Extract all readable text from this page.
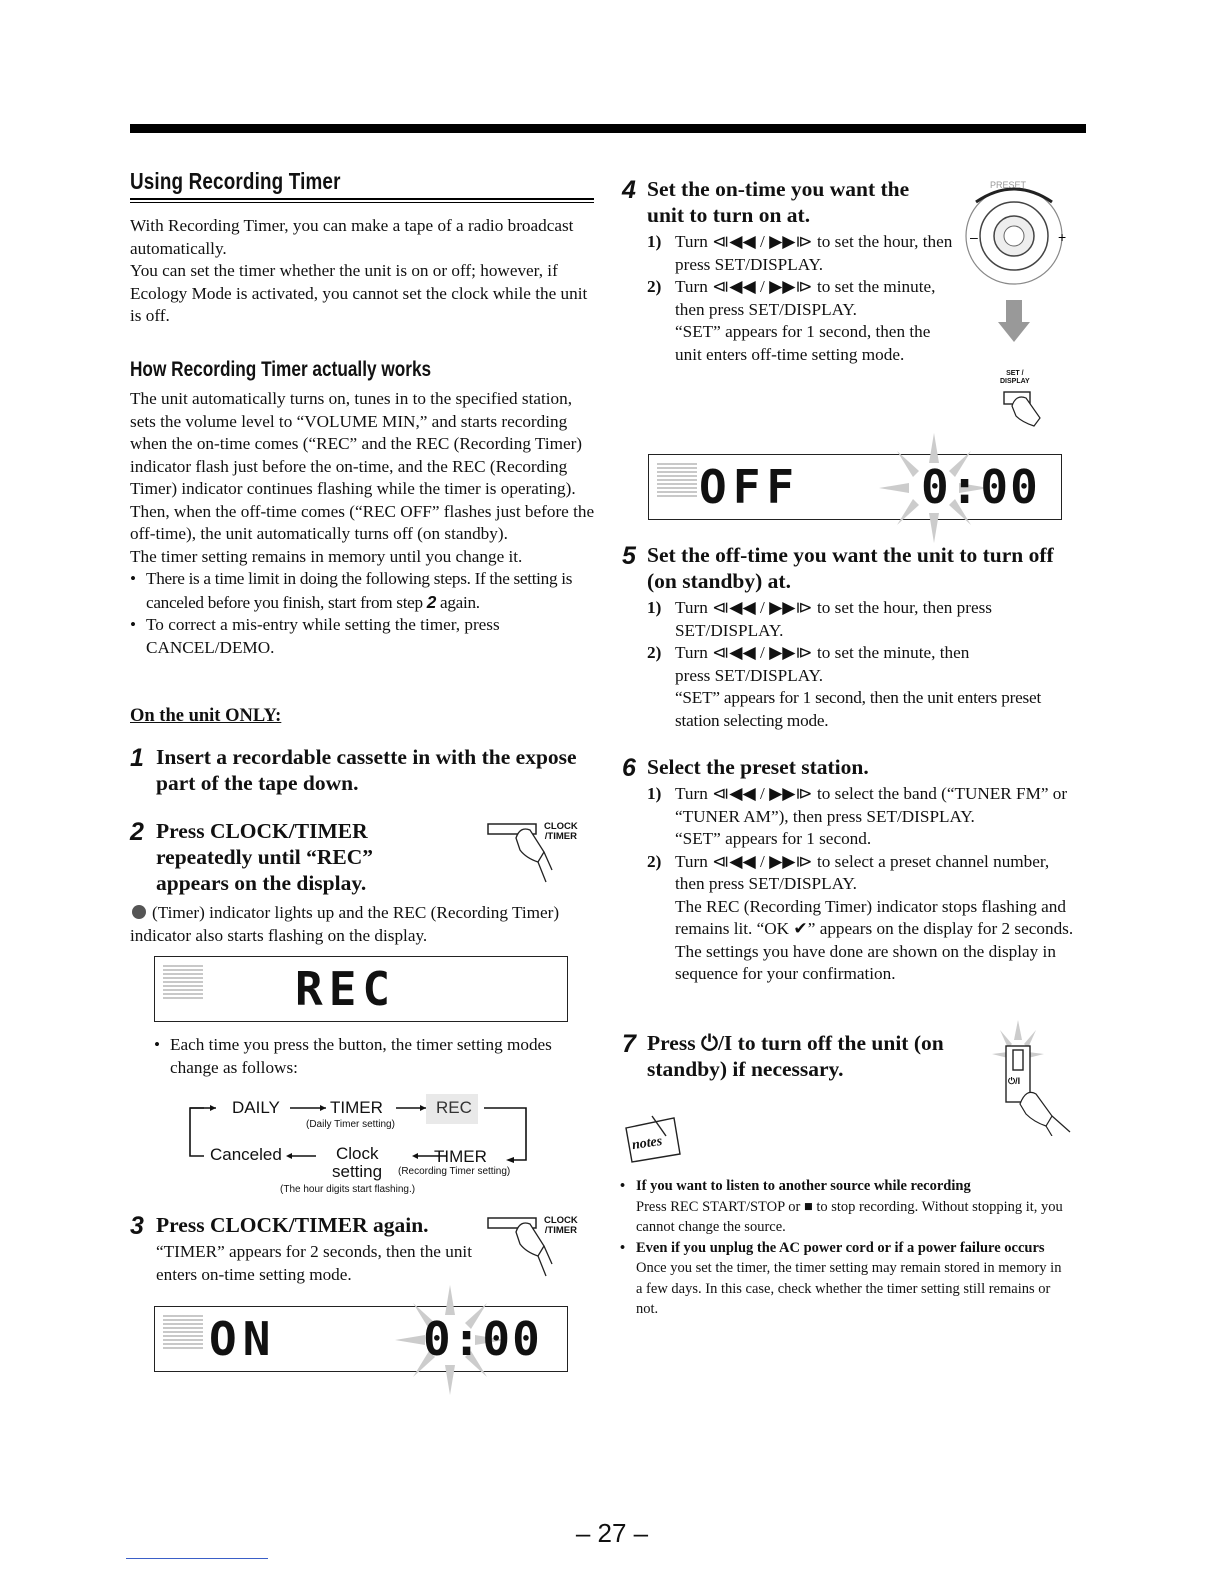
Using Recording Timer

With Recording Timer, you can make a tape of a radio broadcast automatically.

You can set the timer whether the unit is on or off; however, if Ecology Mode is activated, you cannot set the clock while the unit is off.

How Recording Timer actually works

The unit automatically turns on, tunes in to the specified station, sets the volume level to “VOLUME MIN,” and starts recording when the on-time comes (“REC” and the REC (Recording Timer) indicator flash just before the on-time, and the REC (Recording Timer) indicator continues flashing while the timer is operating). Then, when the off-time comes (“REC OFF” flashes just before the off-time), the unit automatically turns off (on standby).

The timer setting remains in memory until you change it.

• There is a time limit in doing the following steps. If the setting is canceled before you finish, start from step 2 again.
• To correct a mis-entry while setting the timer, press CANCEL/DEMO.
On the unit ONLY:
1 Insert a recordable cassette in with the expose part of the tape down.
2 Press CLOCK/TIMER repeatedly until “REC” appears on the display.
(Timer) indicator lights up and the REC (Recording Timer) indicator also starts flashing on the display.
CLOCK
/TIMER
REC
• Each time you press the button, the timer setting modes change as follows:
DAILY	TIMER
(Daily Timer setting)
REC
Canceled	Clock
setting
TIMER
(Recording Timer setting)
(The hour digits start flashing.)
3 Press CLOCK/TIMER again.
“TIMER” appears for 2 seconds, then the unit enters on-time setting mode.
CLOCK
/TIMER
ON	0:00
4 Set the on-time you want the unit to turn on at.
1) Turn ⧏◀◀ / ▶▶⧐ to set the hour, then press SET/DISPLAY.
2) Turn ⧏◀◀ / ▶▶⧐ to set the minute, then press SET/DISPLAY.
“SET” appears for 1 second, then the unit enters off-time setting mode.
–	+
PRESET
SET /
DISPLAY
OFF	0:00
5 Set the off-time you want the unit to turn off (on standby) at.
1) Turn ⧏◀◀ / ▶▶⧐ to set the hour, then press SET/DISPLAY.
2) Turn ⧏◀◀ / ▶▶⧐ to set the minute, then press SET/DISPLAY.
“SET” appears for 1 second, then the unit enters preset station selecting mode.
6 Select the preset station.
1) Turn ⧏◀◀ / ▶▶⧐ to select the band (“TUNER FM” or “TUNER AM”), then press SET/DISPLAY.
“SET” appears for 1 second.
2) Turn ⧏◀◀ / ▶▶⧐ to select a preset channel number, then press SET/DISPLAY.
The REC (Recording Timer) indicator stops flashing and remains lit. “OK ✔” appears on the display for 2 seconds.
The settings you have done are shown on the display in sequence for your confirmation.
7 Press ⏻/I to turn off the unit (on standby) if necessary.	⏻/I
notes
• If you want to listen to another source while recording
Press REC START/STOP or ■ to stop recording. Without stopping it, you cannot change the source.
• Even if you unplug the AC power cord or if a power failure occurs
Once you set the timer, the timer setting may remain stored in memory in a few days. In this case, check whether the timer setting still remains or not.
– 27 –
